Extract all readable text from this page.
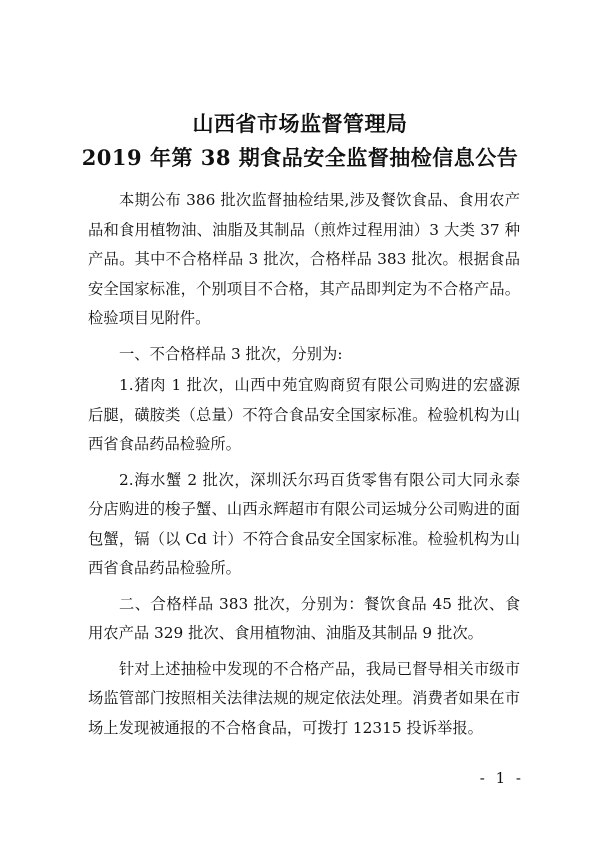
山西省市场监督管理局
2019 年第 38 期食品安全监督抽检信息公告

本期公布 386 批次监督抽检结果,涉及餐饮食品、食用农产品和食用植物油、油脂及其制品（煎炸过程用油）3 大类 37 种产品。其中不合格样品 3 批次，合格样品 383 批次。根据食品安全国家标准，个别项目不合格，其产品即判定为不合格产品。检验项目见附件。

一、不合格样品 3 批次，分别为:

1.猪肉 1 批次，山西中苑宜购商贸有限公司购进的宏盛源后腿，磺胺类（总量）不符合食品安全国家标准。检验机构为山西省食品药品检验所。

2.海水蟹 2 批次，深圳沃尔玛百货零售有限公司大同永泰分店购进的梭子蟹、山西永辉超市有限公司运城分公司购进的面包蟹，镉（以 Cd 计）不符合食品安全国家标准。检验机构为山西省食品药品检验所。

二、合格样品 383 批次，分别为：餐饮食品 45 批次、食用农产品 329 批次、食用植物油、油脂及其制品 9 批次。

针对上述抽检中发现的不合格产品，我局已督导相关市级市场监管部门按照相关法律法规的规定依法处理。消费者如果在市场上发现被通报的不合格食品，可拨打 12315 投诉举报。

- 1 -
